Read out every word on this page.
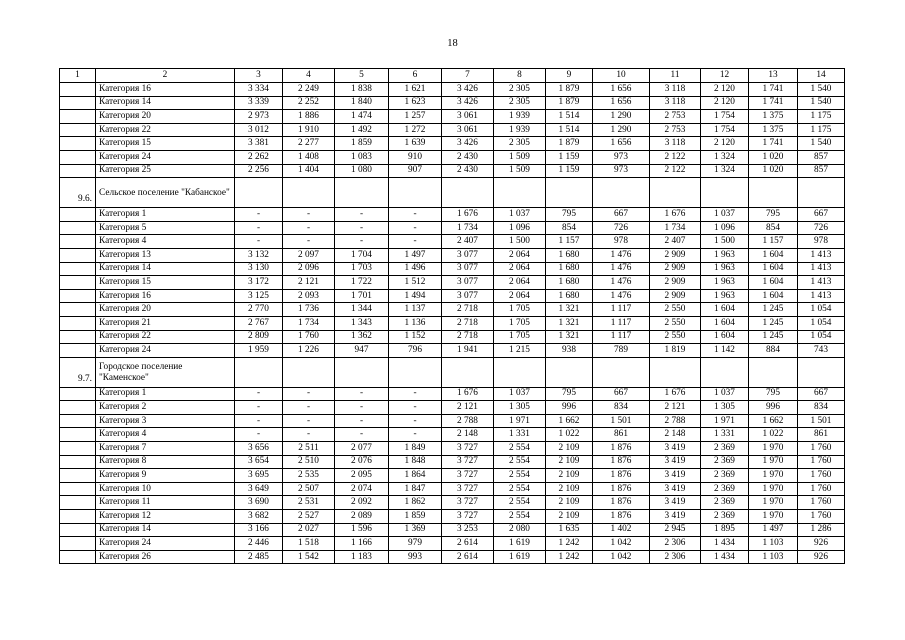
18
1	2	3	4	5	6	7	8	9	10	11	12	13	14
	Категория 16	3 334	2 249	1 838	1 621	3 426	2 305	1 879	1 656	3 118	2 120	1 741	1 540
	Категория 14	3 339	2 252	1 840	1 623	3 426	2 305	1 879	1 656	3 118	2 120	1 741	1 540
	Категория 20	2 973	1 886	1 474	1 257	3 061	1 939	1 514	1 290	2 753	1 754	1 375	1 175
	Категория 22	3 012	1 910	1 492	1 272	3 061	1 939	1 514	1 290	2 753	1 754	1 375	1 175
	Категория 15	3 381	2 277	1 859	1 639	3 426	2 305	1 879	1 656	3 118	2 120	1 741	1 540
	Категория 24	2 262	1 408	1 083	910	2 430	1 509	1 159	973	2 122	1 324	1 020	857
	Категория 25	2 256	1 404	1 080	907	2 430	1 509	1 159	973	2 122	1 324	1 020	857
9.6.	Сельское поселение "Кабанское"												
	Категория 1	-	-	-	-	1 676	1 037	795	667	1 676	1 037	795	667
	Категория 5	-	-	-	-	1 734	1 096	854	726	1 734	1 096	854	726
	Категория 4	-	-	-	-	2 407	1 500	1 157	978	2 407	1 500	1 157	978
	Категория 13	3 132	2 097	1 704	1 497	3 077	2 064	1 680	1 476	2 909	1 963	1 604	1 413
	Категория 14	3 130	2 096	1 703	1 496	3 077	2 064	1 680	1 476	2 909	1 963	1 604	1 413
	Категория 15	3 172	2 121	1 722	1 512	3 077	2 064	1 680	1 476	2 909	1 963	1 604	1 413
	Категория 16	3 125	2 093	1 701	1 494	3 077	2 064	1 680	1 476	2 909	1 963	1 604	1 413
	Категория 20	2 770	1 736	1 344	1 137	2 718	1 705	1 321	1 117	2 550	1 604	1 245	1 054
	Категория 21	2 767	1 734	1 343	1 136	2 718	1 705	1 321	1 117	2 550	1 604	1 245	1 054
	Категория 22	2 809	1 760	1 362	1 152	2 718	1 705	1 321	1 117	2 550	1 604	1 245	1 054
	Категория 24	1 959	1 226	947	796	1 941	1 215	938	789	1 819	1 142	884	743
9.7.	Городское поселение "Каменское"												
	Категория 1	-	-	-	-	1 676	1 037	795	667	1 676	1 037	795	667
	Категория 2	-	-	-	-	2 121	1 305	996	834	2 121	1 305	996	834
	Категория 3	-	-	-	-	2 788	1 971	1 662	1 501	2 788	1 971	1 662	1 501
	Категория 4	-	-	-	-	2 148	1 331	1 022	861	2 148	1 331	1 022	861
	Категория 7	3 656	2 511	2 077	1 849	3 727	2 554	2 109	1 876	3 419	2 369	1 970	1 760
	Категория 8	3 654	2 510	2 076	1 848	3 727	2 554	2 109	1 876	3 419	2 369	1 970	1 760
	Категория 9	3 695	2 535	2 095	1 864	3 727	2 554	2 109	1 876	3 419	2 369	1 970	1 760
	Категория 10	3 649	2 507	2 074	1 847	3 727	2 554	2 109	1 876	3 419	2 369	1 970	1 760
	Категория 11	3 690	2 531	2 092	1 862	3 727	2 554	2 109	1 876	3 419	2 369	1 970	1 760
	Категория 12	3 682	2 527	2 089	1 859	3 727	2 554	2 109	1 876	3 419	2 369	1 970	1 760
	Категория 14	3 166	2 027	1 596	1 369	3 253	2 080	1 635	1 402	2 945	1 895	1 497	1 286
	Категория 24	2 446	1 518	1 166	979	2 614	1 619	1 242	1 042	2 306	1 434	1 103	926
	Категория 26	2 485	1 542	1 183	993	2 614	1 619	1 242	1 042	2 306	1 434	1 103	926
